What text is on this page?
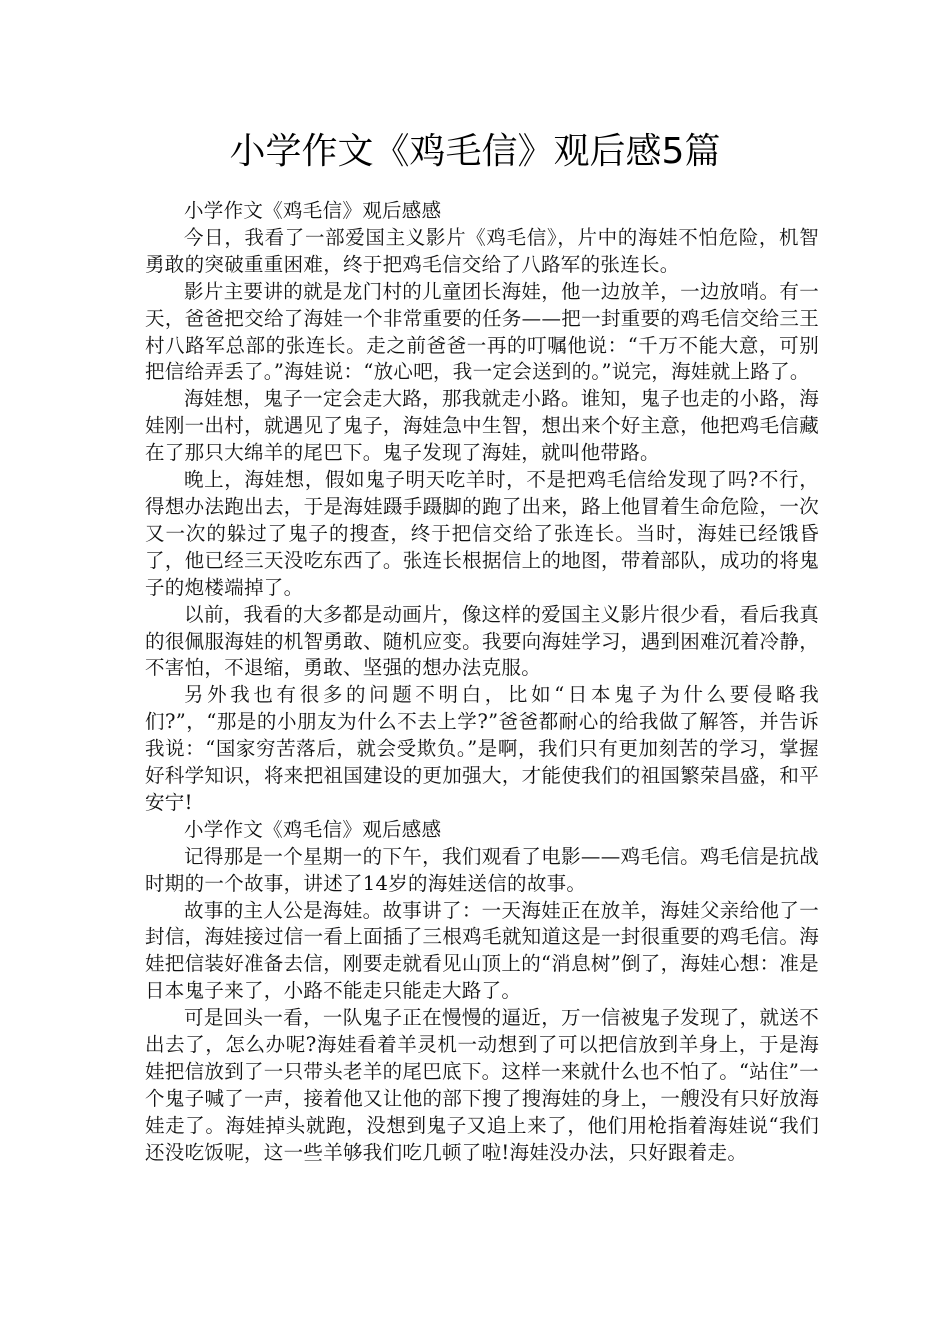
小学作文《鸡毛信》观后感5篇

小学作文《鸡毛信》观后感感

今日，我看了一部爱国主义影片《鸡毛信》，片中的海娃不怕危险，机智勇敢的突破重重困难，终于把鸡毛信交给了八路军的张连长。

影片主要讲的就是龙门村的儿童团长海娃，他一边放羊，一边放哨。有一天，爸爸把交给了海娃一个非常重要的任务——把一封重要的鸡毛信交给三王村八路军总部的张连长。走之前爸爸一再的叮嘱他说：“千万不能大意，可别把信给弄丢了。”海娃说：“放心吧，我一定会送到的。”说完，海娃就上路了。

海娃想，鬼子一定会走大路，那我就走小路。谁知，鬼子也走的小路，海娃刚一出村，就遇见了鬼子，海娃急中生智，想出来个好主意，他把鸡毛信藏在了那只大绵羊的尾巴下。鬼子发现了海娃，就叫他带路。

晚上，海娃想，假如鬼子明天吃羊时，不是把鸡毛信给发现了吗?不行，得想办法跑出去，于是海娃蹑手蹑脚的跑了出来，路上他冒着生命危险，一次又一次的躲过了鬼子的搜查，终于把信交给了张连长。当时，海娃已经饿昏了，他已经三天没吃东西了。张连长根据信上的地图，带着部队，成功的将鬼子的炮楼端掉了。

以前，我看的大多都是动画片，像这样的爱国主义影片很少看，看后我真的很佩服海娃的机智勇敢、随机应变。我要向海娃学习，遇到困难沉着冷静，不害怕，不退缩，勇敢、坚强的想办法克服。

另外我也有很多的问题不明白，比如“日本鬼子为什么要侵略我们?”，“那是的小朋友为什么不去上学?”爸爸都耐心的给我做了解答，并告诉我说：“国家穷苦落后，就会受欺负。”是啊，我们只有更加刻苦的学习，掌握好科学知识，将来把祖国建设的更加强大，才能使我们的祖国繁荣昌盛，和平安宁!

小学作文《鸡毛信》观后感感

记得那是一个星期一的下午，我们观看了电影——鸡毛信。鸡毛信是抗战时期的一个故事，讲述了14岁的海娃送信的故事。

故事的主人公是海娃。故事讲了：一天海娃正在放羊，海娃父亲给他了一封信，海娃接过信一看上面插了三根鸡毛就知道这是一封很重要的鸡毛信。海娃把信装好准备去信，刚要走就看见山顶上的“消息树”倒了，海娃心想：准是日本鬼子来了，小路不能走只能走大路了。

可是回头一看，一队鬼子正在慢慢的逼近，万一信被鬼子发现了，就送不出去了，怎么办呢?海娃看着羊灵机一动想到了可以把信放到羊身上，于是海娃把信放到了一只带头老羊的尾巴底下。这样一来就什么也不怕了。“站住”一个鬼子喊了一声，接着他又让他的部下搜了搜海娃的身上，一艘没有只好放海娃走了。海娃掉头就跑，没想到鬼子又追上来了，他们用枪指着海娃说“我们还没吃饭呢，这一些羊够我们吃几顿了啦!海娃没办法，只好跟着走。
